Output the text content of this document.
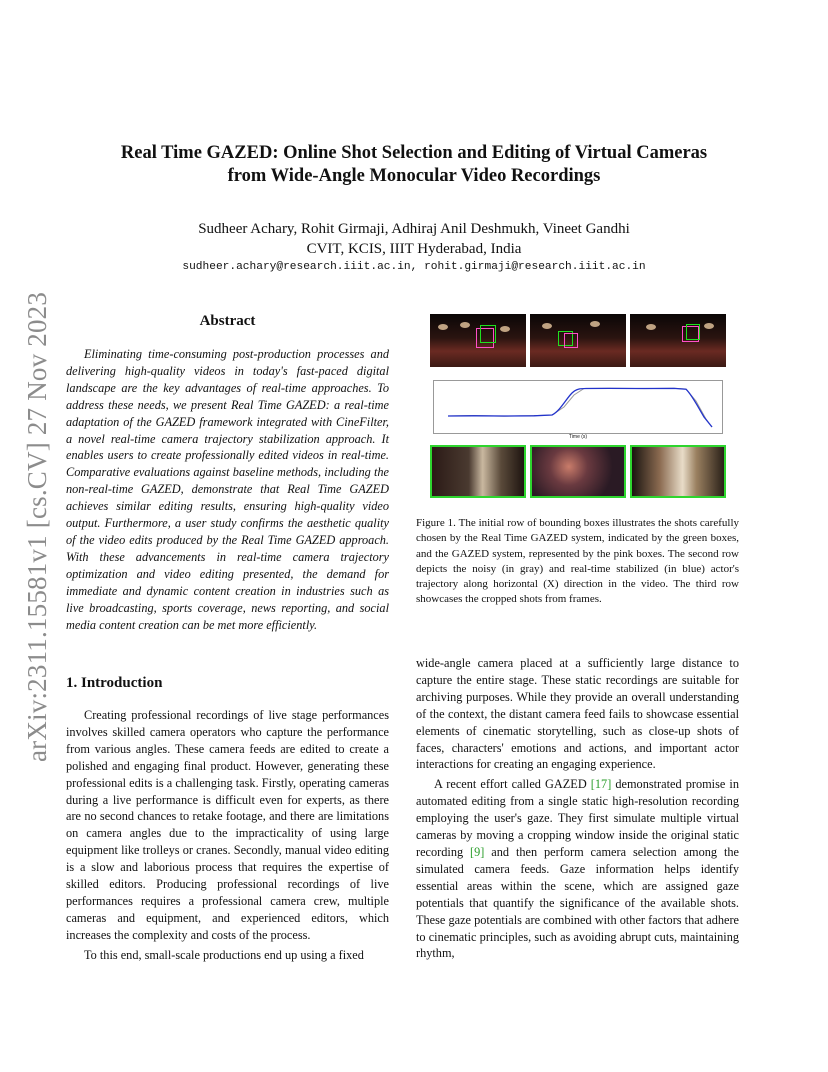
arXiv:2311.15581v1 [cs.CV] 27 Nov 2023
Real Time GAZED: Online Shot Selection and Editing of Virtual Cameras
from Wide-Angle Monocular Video Recordings
Sudheer Achary, Rohit Girmaji, Adhiraj Anil Deshmukh, Vineet Gandhi
CVIT, KCIS, IIIT Hyderabad, India
sudheer.achary@research.iiit.ac.in, rohit.girmaji@research.iiit.ac.in
Abstract

Eliminating time-consuming post-production processes and delivering high-quality videos in today's fast-paced digital landscape are the key advantages of real-time approaches. To address these needs, we present Real Time GAZED: a real-time adaptation of the GAZED framework integrated with CineFilter, a novel real-time camera trajectory stabilization approach. It enables users to create professionally edited videos in real-time. Comparative evaluations against baseline methods, including the non-real-time GAZED, demonstrate that Real Time GAZED achieves similar editing results, ensuring high-quality video output. Furthermore, a user study confirms the aesthetic quality of the video edits produced by the Real Time GAZED approach. With these advancements in real-time camera trajectory optimization and video editing presented, the demand for immediate and dynamic content creation in industries such as live broadcasting, sports coverage, news reporting, and social media content creation can be met more efficiently.

Time (s)

Figure 1. The initial row of bounding boxes illustrates the shots carefully chosen by the Real Time GAZED system, indicated by the green boxes, and the GAZED system, represented by the pink boxes. The second row depicts the noisy (in gray) and real-time stabilized (in blue) actor's trajectory along horizontal (X) direction in the video. The third row showcases the cropped shots from frames.

1. Introduction

Creating professional recordings of live stage performances involves skilled camera operators who capture the performance from various angles. These camera feeds are edited to create a polished and engaging final product. However, generating these professional edits is a challenging task. Firstly, operating cameras during a live performance is difficult even for experts, as there are no second chances to retake footage, and there are limitations on camera angles due to the impracticality of using large equipment like trolleys or cranes. Secondly, manual video editing is a slow and laborious process that requires the expertise of skilled editors. Producing professional recordings of live performances requires a professional camera crew, multiple cameras and equipment, and experienced editors, which increases the complexity and costs of the process.

To this end, small-scale productions end up using a fixed

wide-angle camera placed at a sufficiently large distance to capture the entire stage. These static recordings are suitable for archiving purposes. While they provide an overall understanding of the context, the distant camera feed fails to showcase essential elements of cinematic storytelling, such as close-up shots of faces, characters' emotions and actions, and important actor interactions for creating an engaging experience.

A recent effort called GAZED [17] demonstrated promise in automated editing from a single static high-resolution recording employing the user's gaze. They first simulate multiple virtual cameras by moving a cropping window inside the original static recording [9] and then perform camera selection among the simulated camera feeds. Gaze information helps identify essential areas within the scene, which are assigned gaze potentials that quantify the significance of the available shots. These gaze potentials are combined with other factors that adhere to cinematic principles, such as avoiding abrupt cuts, maintaining rhythm,
